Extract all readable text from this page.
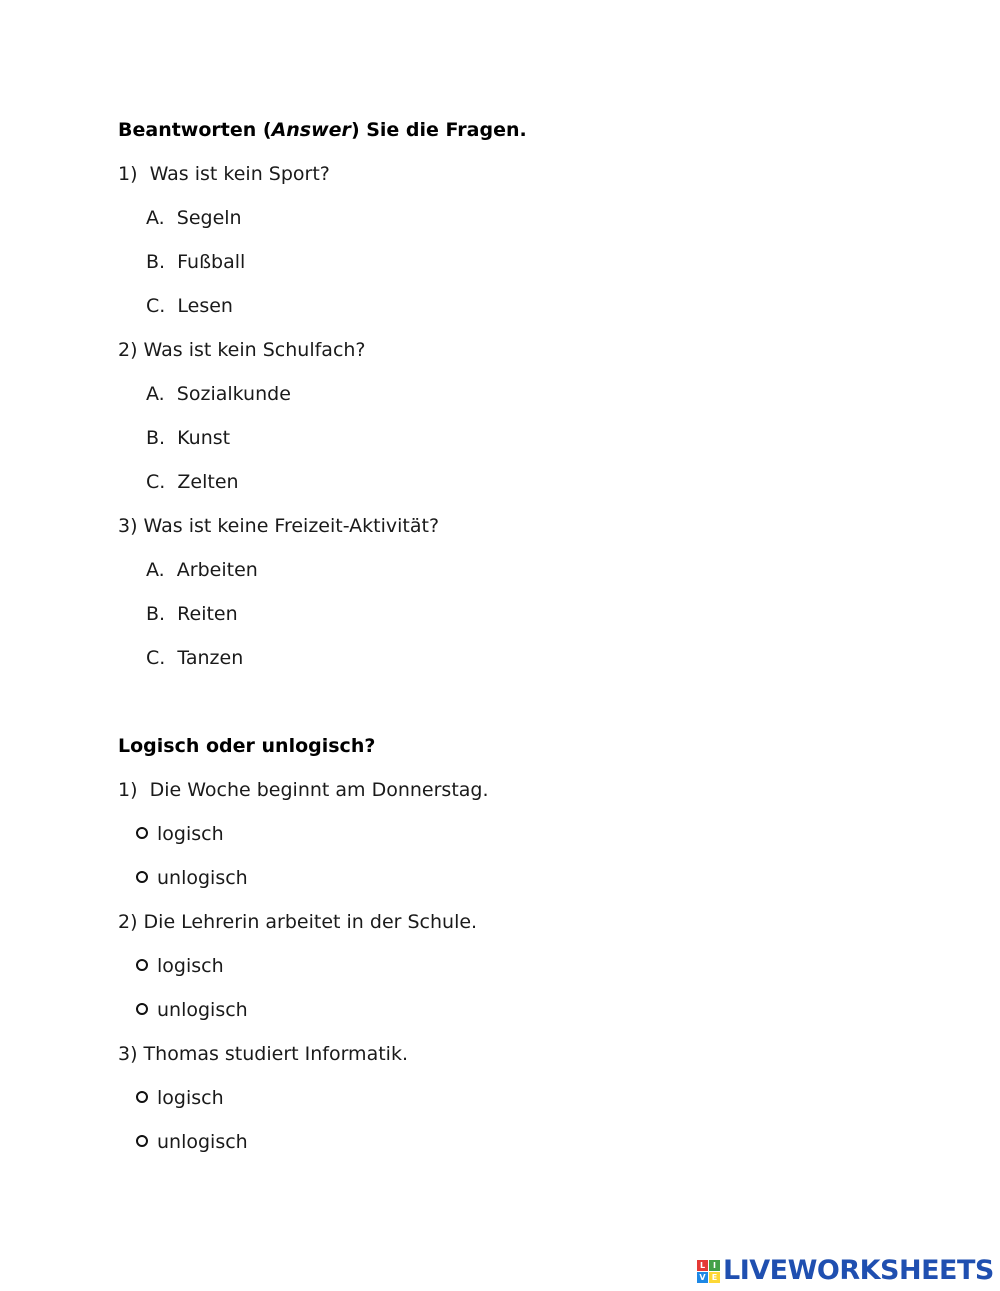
Beantworten (Answer) Sie die Fragen.
1)  Was ist kein Sport?
A.  Segeln
B.  Fußball
C.  Lesen
2) Was ist kein Schulfach?
A.  Sozialkunde
B.  Kunst
C.  Zelten
3) Was ist keine Freizeit-Aktivität?
A.  Arbeiten
B.  Reiten
C.  Tanzen
Logisch oder unlogisch?
1)  Die Woche beginnt am Donnerstag.
logisch
unlogisch
2) Die Lehrerin arbeitet in der Schule.
logisch
unlogisch
3) Thomas studiert Informatik.
logisch
unlogisch
L I
V E LIVEWORKSHEETS
